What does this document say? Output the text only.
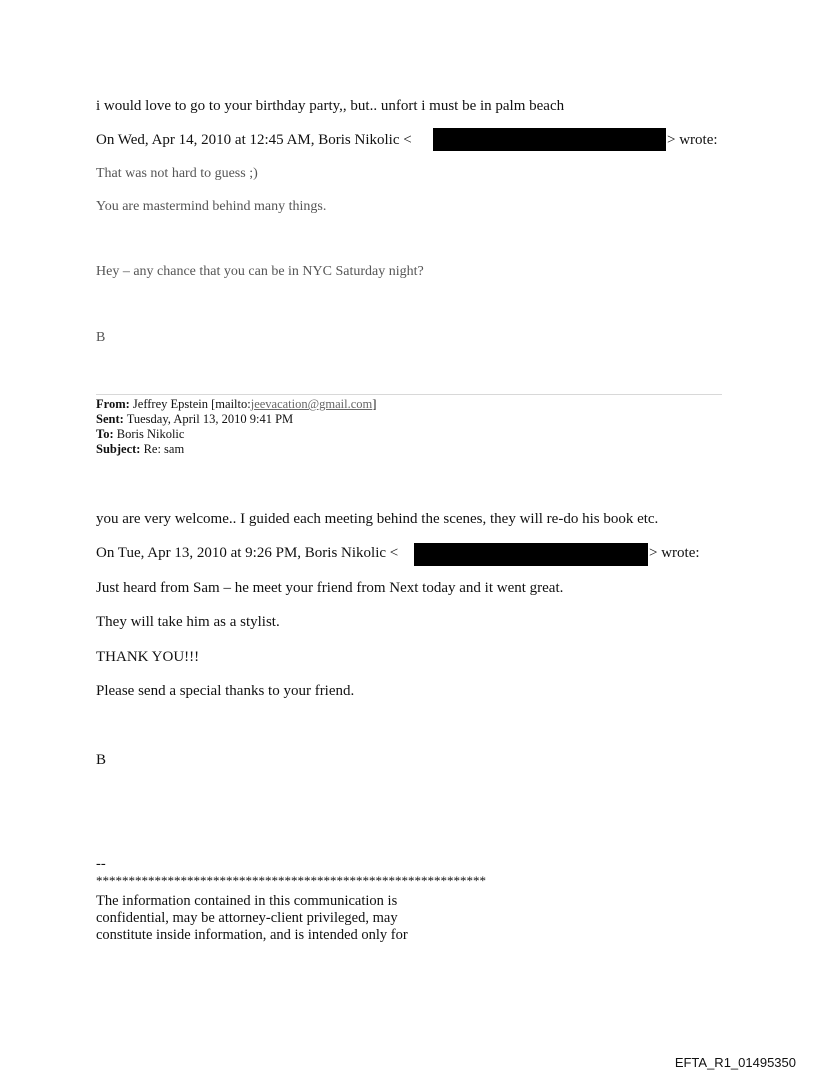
i would love to go to your birthday party,, but.. unfort i must be in palm beach
On Wed, Apr 14, 2010 at 12:45 AM, Boris Nikolic <	> wrote:
That was not hard to guess ;)
You are mastermind behind many things.
Hey – any chance that you can be in NYC Saturday night?
B
From: Jeffrey Epstein [mailto:jeevacation@gmail.com]
Sent: Tuesday, April 13, 2010 9:41 PM
To: Boris Nikolic
Subject: Re: sam
you are very welcome.. I guided each meeting behind the scenes, they will re-do his book etc.
On Tue, Apr 13, 2010 at 9:26 PM, Boris Nikolic <	> wrote:
Just heard from Sam – he meet your friend from Next today and it went great.
They will take him as a stylist.
THANK YOU!!!
Please send a special thanks to your friend.
B
--
************************************************************
The information contained in this communication is
confidential, may be attorney-client privileged, may
constitute inside information, and is intended only for
EFTA_R1_01495350
